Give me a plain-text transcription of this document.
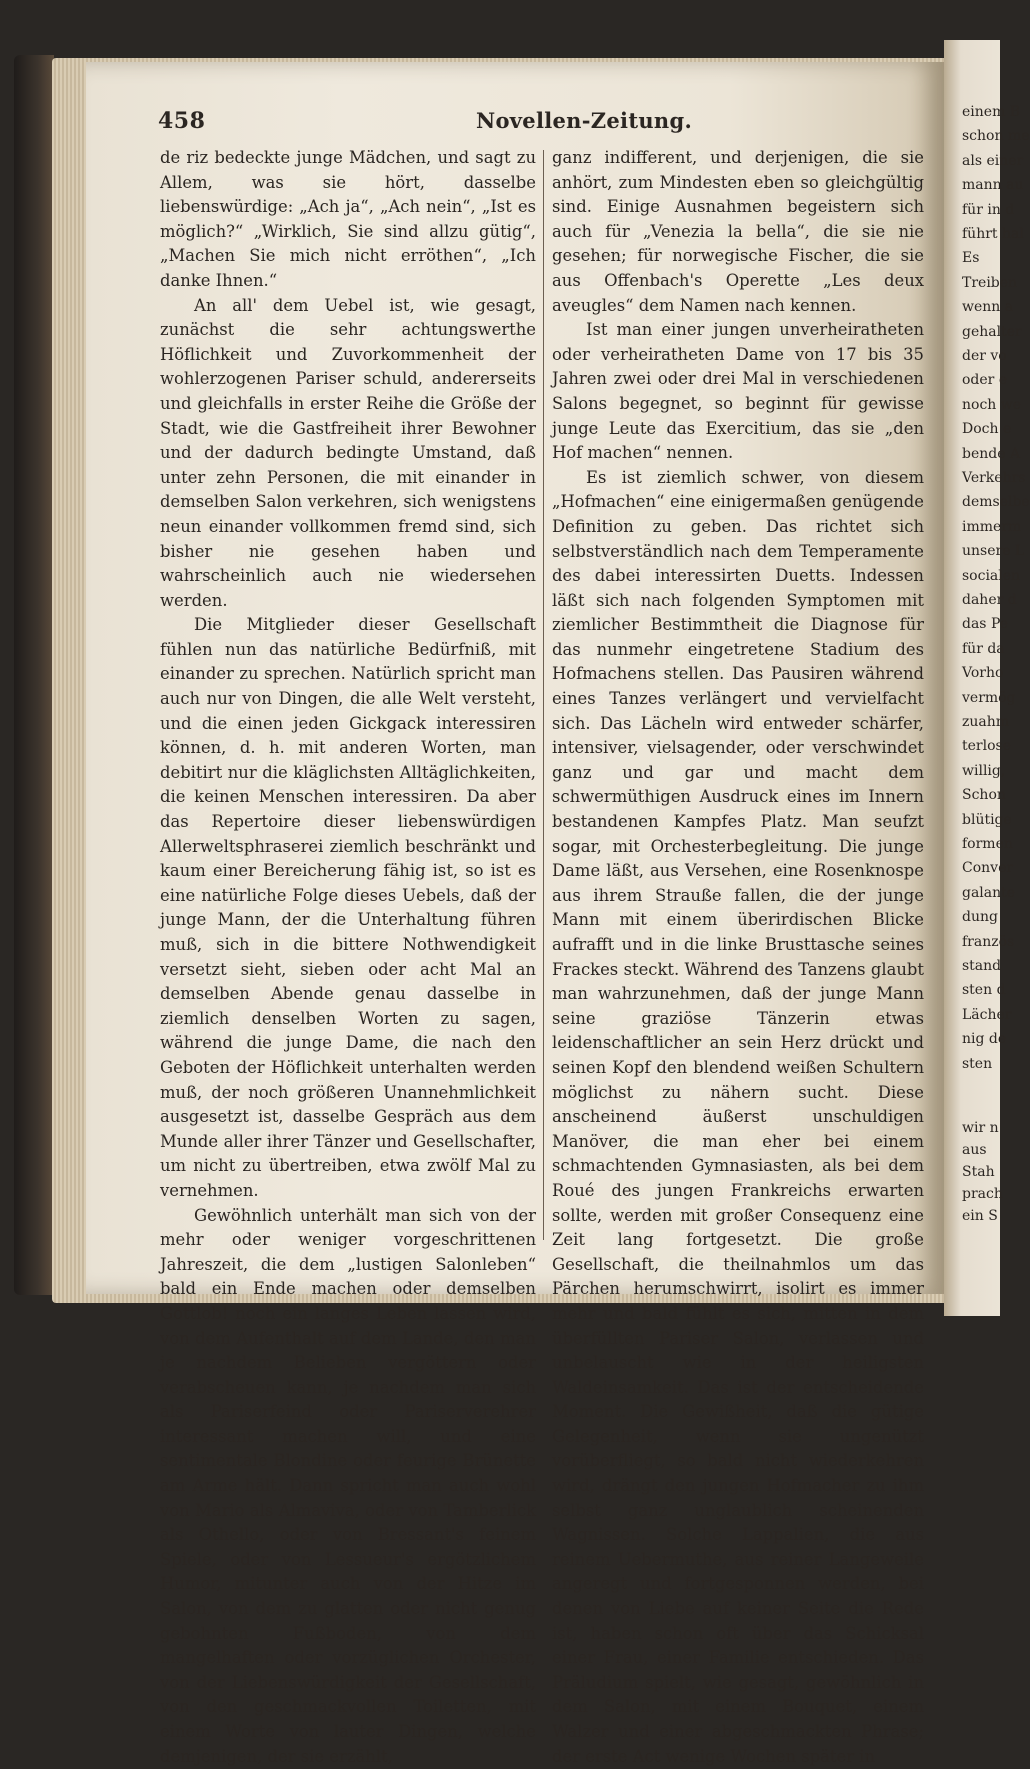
458	Novellen-Zeitung.

de riz bedeckte junge Mädchen, und sagt zu Allem, was sie hört, dasselbe liebenswürdige: „Ach ja“, „Ach nein“, „Ist es möglich?“ „Wirklich, Sie sind allzu gütig“, „Machen Sie mich nicht erröthen“, „Ich danke Ihnen.“

An all' dem Uebel ist, wie gesagt, zunächst die sehr achtungswerthe Höflichkeit und Zuvorkommenheit der wohlerzogenen Pariser schuld, andererseits und gleichfalls in erster Reihe die Größe der Stadt, wie die Gastfreiheit ihrer Bewohner und der dadurch bedingte Umstand, daß unter zehn Personen, die mit einander in demselben Salon verkehren, sich wenigstens neun einander vollkommen fremd sind, sich bisher nie gesehen haben und wahrscheinlich auch nie wiedersehen werden.

Die Mitglieder dieser Gesellschaft fühlen nun das natürliche Bedürfniß, mit einander zu sprechen. Natürlich spricht man auch nur von Dingen, die alle Welt versteht, und die einen jeden Gickgack interessiren können, d. h. mit anderen Worten, man debitirt nur die kläglichsten Alltäglichkeiten, die keinen Menschen interessiren. Da aber das Repertoire dieser liebenswürdigen Allerweltsphraserei ziemlich beschränkt und kaum einer Bereicherung fähig ist, so ist es eine natürliche Folge dieses Uebels, daß der junge Mann, der die Unterhaltung führen muß, sich in die bittere Nothwendigkeit versetzt sieht, sieben oder acht Mal an demselben Abende genau dasselbe in ziemlich denselben Worten zu sagen, während die junge Dame, die nach den Geboten der Höflichkeit unterhalten werden muß, der noch größeren Unannehmlichkeit ausgesetzt ist, dasselbe Gespräch aus dem Munde aller ihrer Tänzer und Gesellschafter, um nicht zu übertreiben, etwa zwölf Mal zu vernehmen.

Gewöhnlich unterhält man sich von der mehr oder weniger vorgeschrittenen Jahreszeit, die dem „lustigen Salonleben“ bald ein Ende machen oder demselben Gottlob! noch ein langes Leben lassen wird, von dem Aufenthalt auf dem Lande, den man je nachdem Belieben vergöttern oder verabscheuen kann, je nachdem man sich als Pariserfeind oder Pariserverehrer interessant machen will, und eine sentimentale Blondine oder feurige Brünette am Arme hält. Dann spricht man auch wohl von Mario als Almaviva, oder von Tamberlick als Othello, oder von Bressant's feinem Spiele, oder von Lessueur's ergötzlichem Humor, mitunter auch von der Hitze im Salon, von dem zu glatten oder nicht genug gebohnten Fußboden, von dem mangelhaften oder vorzüglichen Orchester, von der Liebenswürdigkeit der Gesellschaft, von den geschmackvollen Toiletten, mit einem Worte von lauter Dingen, welche demjenigen, der sie erzählt,

ganz indifferent, und derjenigen, die sie anhört, zum Mindesten eben so gleichgültig sind. Einige Ausnahmen begeistern sich auch für „Venezia la bella“, die sie nie gesehen; für norwegische Fischer, die sie aus Offenbach's Operette „Les deux aveugles“ dem Namen nach kennen.

Ist man einer jungen unverheiratheten oder verheiratheten Dame von 17 bis 35 Jahren zwei oder drei Mal in verschiedenen Salons begegnet, so beginnt für gewisse junge Leute das Exercitium, das sie „den Hof machen“ nennen.

Es ist ziemlich schwer, von diesem „Hofmachen“ eine einigermaßen genügende Definition zu geben. Das richtet sich selbstverständlich nach dem Temperamente des dabei interessirten Duetts. Indessen läßt sich nach folgenden Symptomen mit ziemlicher Bestimmtheit die Diagnose für das nunmehr eingetretene Stadium des Hofmachens stellen. Das Pausiren während eines Tanzes verlängert und vervielfacht sich. Das Lächeln wird entweder schärfer, intensiver, vielsagender, oder verschwindet ganz und gar und macht dem schwermüthigen Ausdruck eines im Innern bestandenen Kampfes Platz. Man seufzt sogar, mit Orchesterbegleitung. Die junge Dame läßt, aus Versehen, eine Rosenknospe aus ihrem Strauße fallen, die der junge Mann mit einem überirdischen Blicke aufrafft und in die linke Brusttasche seines Frackes steckt. Während des Tanzens glaubt man wahrzunehmen, daß der junge Mann seine graziöse Tänzerin etwas leidenschaftlicher an sein Herz drückt und seinen Kopf den blendend weißen Schultern möglichst zu nähern sucht. Diese anscheinend äußerst unschuldigen Manöver, die man eher bei einem schmachtenden Gymnasiasten, als bei dem Roué des jungen Frankreichs erwarten sollte, werden mit großer Consequenz eine Zeit lang fortgesetzt. Die große Gesellschaft, die theilnahmlos um das Pärchen herumschwirrt, isolirt es immer mehr und bald fühlt es sich, mitten in dem überfüllten Pariser Salon, verlassen und unbelauscht wie in der heiligsten Waldeinsamkeit. Das ist der entscheidende Moment. Die Gewißheit, daß die gütige Gelegenheit, wenn sie ungenützt vorüberfliegt, so bald nicht wiederkehren wird, drängt den jungen Hofmacher zu ihm selbst ganz unglaublich scheinenden Wagnissen. Solche Lappalien, die aus reinem Uebermuthe, aus reiner Langeweile angeregt und fortgesponnen werden, bei denen von Liebe auf keiner Seite die Rede ist, haben schon oft über das Schicksal einer Frau, einer Familie entschieden. Das Präludium spielt, wie gesagt, gewöhnlich in dem Salon, mit einem Bouquet, einem Walzer und einer abgeschmackten Phrase; der erste Act wenige Wochen später in

einem B
schon me
als einer
mann au
für in d
führt hal
Es
Treiben
wenn a
gehalter
der vo
oder e
noch we
Doch e
bende A
Verkehrs
demselbe
immerm
unsere L
socialen
daher d
das Pe
für da
Vorho
vermög
zuahm
terlose
willig,
Schon
blütige
formen
Conver
galante
dung
französ
stand
sten d
Lächer
nig de
sten
wir n
aus
Stah
prach
ein S
